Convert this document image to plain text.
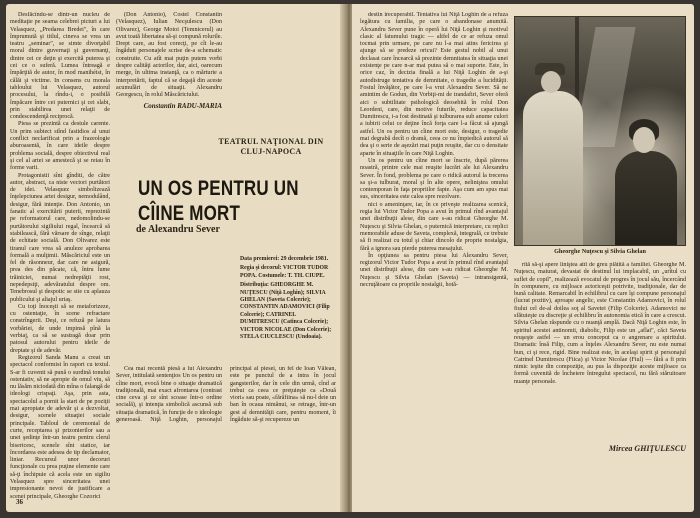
Desfăcîndu-se dintr-un nucleu de meditaţie pe seama celebrei picturi a lui Velasquez, „Predarea Bredei", în care împrumută şi titlul, cineva se vrea un teatru „seminar", se simte divorţabil moral dintre guvernaţi şi guvernanţi, dintre cei ce deţin şi exercită puterea şi cei ce o suferă. Lumea întreagă e împărţită de autor, în mod manihéist, în călăi şi victime. In consens cu morala tabloului lui Velasquez, autorul procesului, la rîndu-i, o posibilă împăcare între cei puternici şi cei slabi, prin stabilirea unei relaţii de condescendenţă reciprocă.

Piesa se prezintă ca destule carente. Un prim subiect stînd fastidios al unui conflict neclarificat prin a frazeologie aburoasentă, în care ideile despre problema socială, despre obiectivul real şi cel al artei se amestecă şi se reiau în forme varii.

Protagonistii sînt gînditi, de către autor, abstract, ca niste vectori purtători de idei. Velasquez simbolizează înţelepciunea artei desigur, nemodulând, desigur, fără intenţie. Don Antonio, un fanatic al exercitării puterii, reprezintă pe reformatorul care, nedomolindu-se purtătorului sigiliului regal, încearcă să stabilească, fără vărsare de sînge, relaţii de echitate socială. Don Olivarez este tiranul care vrea să anuleze aprobarea formală a mulţimii. Măscăriciul este un fel de răsonneur, dar care ne asigură, prea des din păcate, că, întru lume trăiniciei, numai nedreptăţii rost, nepedepsiţi, adevăratului despre om. Tenebrosul şi despotic se stie cu aplauza publicului şi aliajul uriaş.

Cu toţi înoceşti să se metaforizeze, cu ostentaţie, în scene refractare constrîngerii. Deşi, ce refuză pe latura vorbăriei, de unde impinsă pînă la verbiaj, ca să se sustragă doar prin patosul autorului pentru ideile de dreptate şi de adevăr.

Regizorul Sanda Manu a creat un spectacol conformist în raport cu textul. S-ar fi cuvenit să pună o surdină tonului ostentativ, să ne apropie de omul viu, să nu lăsăm niciodată din mîna o falangă de ideologi crispaţi. Aşa, prin asta, spectacolul a pornit la start de pe poziţii mai apropiate de adevăr şi a dezvoltat, desigur, scenele situaţiei sociale principale. Tabloul de ceremonial de curte, receptarea şi prizonierilor sau a unei şedinţe într-un teatru pentru clerul bisericesc, scenele sînt statice, iar încordarea este adesea de tip declamator, liniar. Recursul unor decoruri funcţionale cu prea puţine elemente care să-ţi închipuie că acela este un sigiliu Velasquez spre sinceritatea unei impresionante nevoi de justificare a scenei principale, Gheorghe Cozorici

(Don Antonio), Costel Constantin (Velasquez), Iulian Necşulescu (Don Olivarez), George Motoi (Temnicerul) au avut toată libertatea să-şi compună rolurile. Drept care, au fost corecţi, pe cît le-au îngăduit personajele scrise de-a schematic construite. Cu atît mai puţin putem vorbi despre calităţi actorilor, dar, aici, oarecum merge, în ultima instanţă, ca o mărturie a interpretării, faptul că se degajă din aceste acumulări de situaţii. Alexandru Georgescu, în rolul Măscăriciului.

Constantin RADU-MARIA
TEATRUL NAŢIONAL DIN
CLUJ-NAPOCA
UN OS PENTRU UN CÎINE MORT
de Alexandru Sever
Data premierei: 29 decembrie 1981.
Regia şi decorul: VICTOR TUDOR POPA. Costumele: T. TH. CIUPE.
Distribuţia: GHEORGHE M. NUŢESCU (Niţă Loghin); SILVIA GHELAN (Saveta Colcerie); CONSTANTIN ADAMOVICI (Filip Colcerie); CATRINEL DUMITRESCU (Catinca Colcerie); VICTOR NICOLAE (Don Colcerie); STELA CIUCLESCU (Undoaia).

Cea mai recentă piesă a lui Alexandru Sever, intitulată sentenţios Un os pentru un cîine mort, evocă bine o situaţie dramatică tradiţională, mai exact afrontarea (contrast cine ceva şi ce sînt scoase într-o ordine socială), şi intenţia simbolică ascunsă sub situaţia dramatică, în funcţie de o ideologie generoasă. Niţă Loghin, personajul principal al piesei, un fel de Ioan Vălean, este pe punctul de a intra în jocul gangsterilor, dar în cele din urmă, cînd ar trebui ca ceea ce preţuieşte ca «Două viori» sau poate, «fărăfiina» să nu-l deie un ban în ocaua nimănui, se retrage, într-un gest al demnităţii care, pentru moment, îi îngăduie să-şi recupereze un

36

destin irecuperabil. Tentativa lui Niţă Loghin de a refuza legătura cu familia, pe care o abandonase anumită. Alexandru Sever pune în operă lui Niţă Loghin şi motivul clasic al fatumului tragic — altfel de ce ar refuza omul tocmai prin urmare, pe care nu l-a mai atins fericirea şi ajunge să se predeze oricui? Este gestul nobil al unui declasat care încearcă să prezinte demnitatea în situaţia unei existenţe pe care n-ar mai putea să o mai suporte. Este, în orice caz, în decizia finală a lui Niţă Loghin de a-şi autodistruge tentativa de demnitate, o tragedie a lucidităţii. Fostul învăţător, pe care l-a vrut Alexandru Sever. Să ne amintim de Godun, din Vorbiţi-mi de trandafiri, Sever oferă aici o subtilitate psihologică deosebită în rolul Don Leordeni, care, din motive futurile, reduce capacitatea Dumitrescu, i-a fost destinată şi tulburarea sub anume culori a iubirii celui ce deţine încă forţa care l-a făcut să ajungă astfel. Un os pentru un cîine mort este, desigur, o tragedie mai degrabă decît o dramă, ceea ce nu împiedică autorul să dea şi o serie de aşezări mai puţin reuşite, dar cu o densitate aparte în situaţiile în care Niţă Loghin.

Un os pentru un cîine mort se înscrie, după părerea noastră, printre cele mai reuşite lucrări ale lui Alexandru Sever. În fond, problema pe care o ridică autorul la trecerea sa şi-a tulburat, moral şi în alte opere, neliniştea omului contemporan în faţa propriilor fapte. Aşa cum am spus mai sus, sinceritatea este calea spre rezolvare.

nici o ameninţare, iar, în ce priveşte realizarea scenică, regia lui Victor Tudor Popa a avut în primul rînd avantajul unei distribuţii alese, din care s-au ridicat Gheorghe M. Nuţescu şi Silvia Ghelan, o puternică interpretare, cu replici memorabile aduse de Saveta, complexă, integrală, ce trebuie să fi realizat cu totul şi chiar dincolo de proprie nostalgia, fără a ignora sau pierde puterea mesajului.

În opţiunea sa pentru piesa lui Alexandru Sever, regizorul Victor Tudor Popa a avut în primul rînd avantajul unei distribuţii alese, din care s-au ridicat Gheorghe M. Nuţescu şi Silvia Ghelan (Saveta) — intransigentă, necruţătoare cu propriile nostalgii, hotă-

Gheorghe Nuţescu şi Silvia Ghelan

rîtă să-şi apere liniştea atît de greu plătită a familiei. Gheorghe M. Nuţescu, maturat, devastat de destinul lui implacabil, un „urîtul cu suflet de copil", realizează evocatul de progres în jocul său, încercând în compunere, cu mijloace actoriceşti potrivite, tradiţionale, dar de bună calitate. Remarcabil în echilibrul cu care îşi compune personajul (lucrat pozitiv), aproape angelic, este Constantin Adamovici, în rolul fiului cel de-al doilea soţ al Savetei (Filip Colcerie). Adamovici ne sfătuieşte cu discreţie şi echilibru în autonomia etică în care a crescut. Silvia Ghelan răspunde cu o nuanţă amplă. Dacă Niţă Loghin este, în spiritul acestei antinomii, diabolic, Filip este un „aflat", căci Saveta reuşeşte astfel — un erou conceput ca o angrenare a spiritului. Dramatic însă Filip, cum a înţeles Alexandru Sever, nu este numai bun, ci şi rece, rigid. Bine realizat este, în acelaşi spirit şi personajul Catrinel Dumitrescu (Fiica) şi Victor Nicolae (Fiul) — fără a fi prin nimic ieşite din compoziţie, au pus la dispoziţie aceste mijloace ca formă cuvenită de încheiere întregului spectacol, nu fără stăruitoare nuanţe personale.

Mircea GHIŢULESCU
